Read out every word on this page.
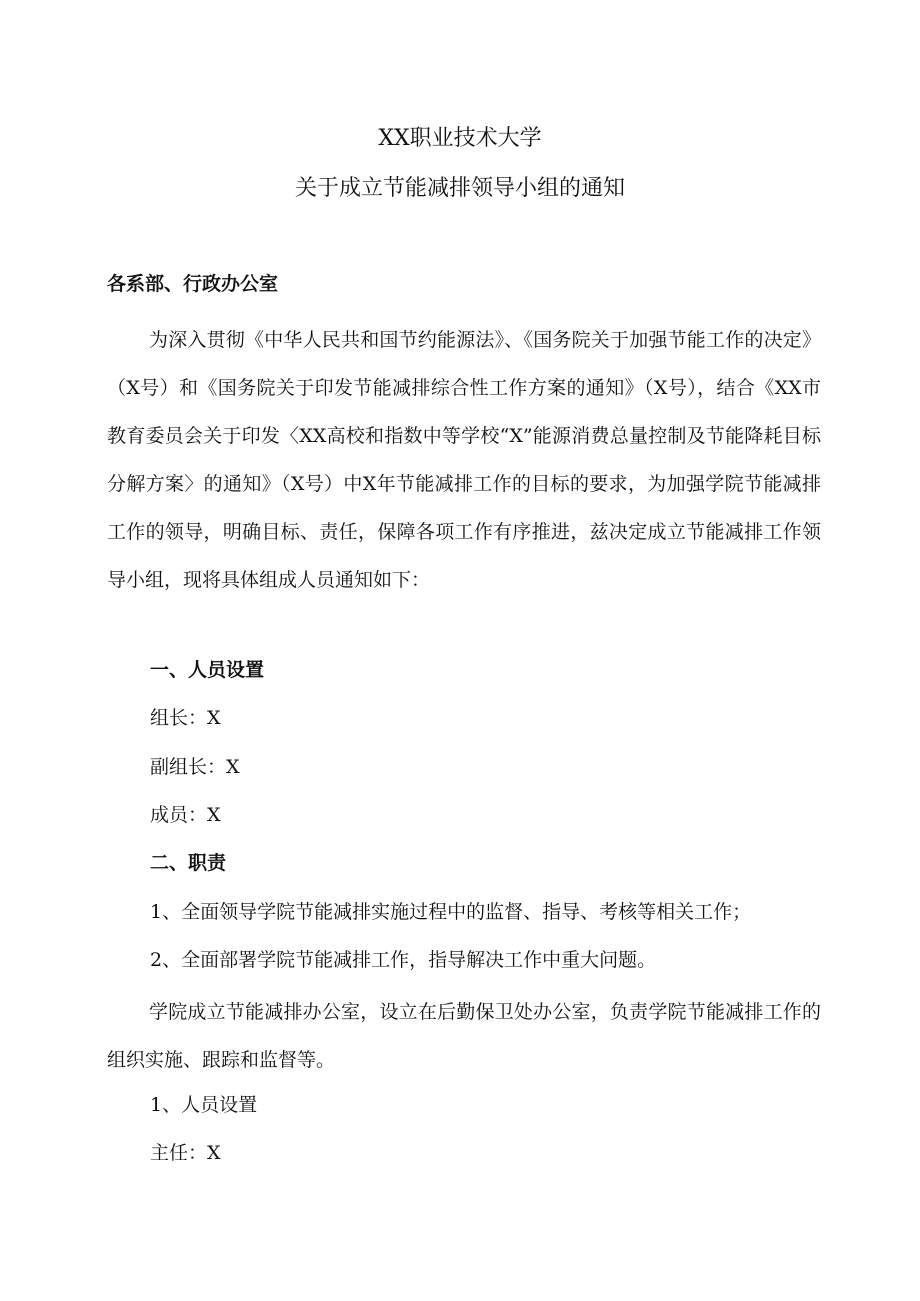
XX职业技术大学
关于成立节能减排领导小组的通知
各系部、行政办公室

为深入贯彻《中华人民共和国节约能源法》、《国务院关于加强节能工作的决定》（X号）和《国务院关于印发节能减排综合性工作方案的通知》（X号），结合《XX市教育委员会关于印发〈XX高校和指数中等学校“X”能源消费总量控制及节能降耗目标分解方案〉的通知》（X号）中X年节能减排工作的目标的要求，为加强学院节能减排工作的领导，明确目标、责任，保障各项工作有序推进，兹决定成立节能减排工作领导小组，现将具体组成人员通知如下：

一、人员设置
组长：X
副组长：X
成员：X
二、职责
1、全面领导学院节能减排实施过程中的监督、指导、考核等相关工作；
2、全面部署学院节能减排工作，指导解决工作中重大问题。

学院成立节能减排办公室，设立在后勤保卫处办公室，负责学院节能减排工作的组织实施、跟踪和监督等。

1、人员设置
主任：X
